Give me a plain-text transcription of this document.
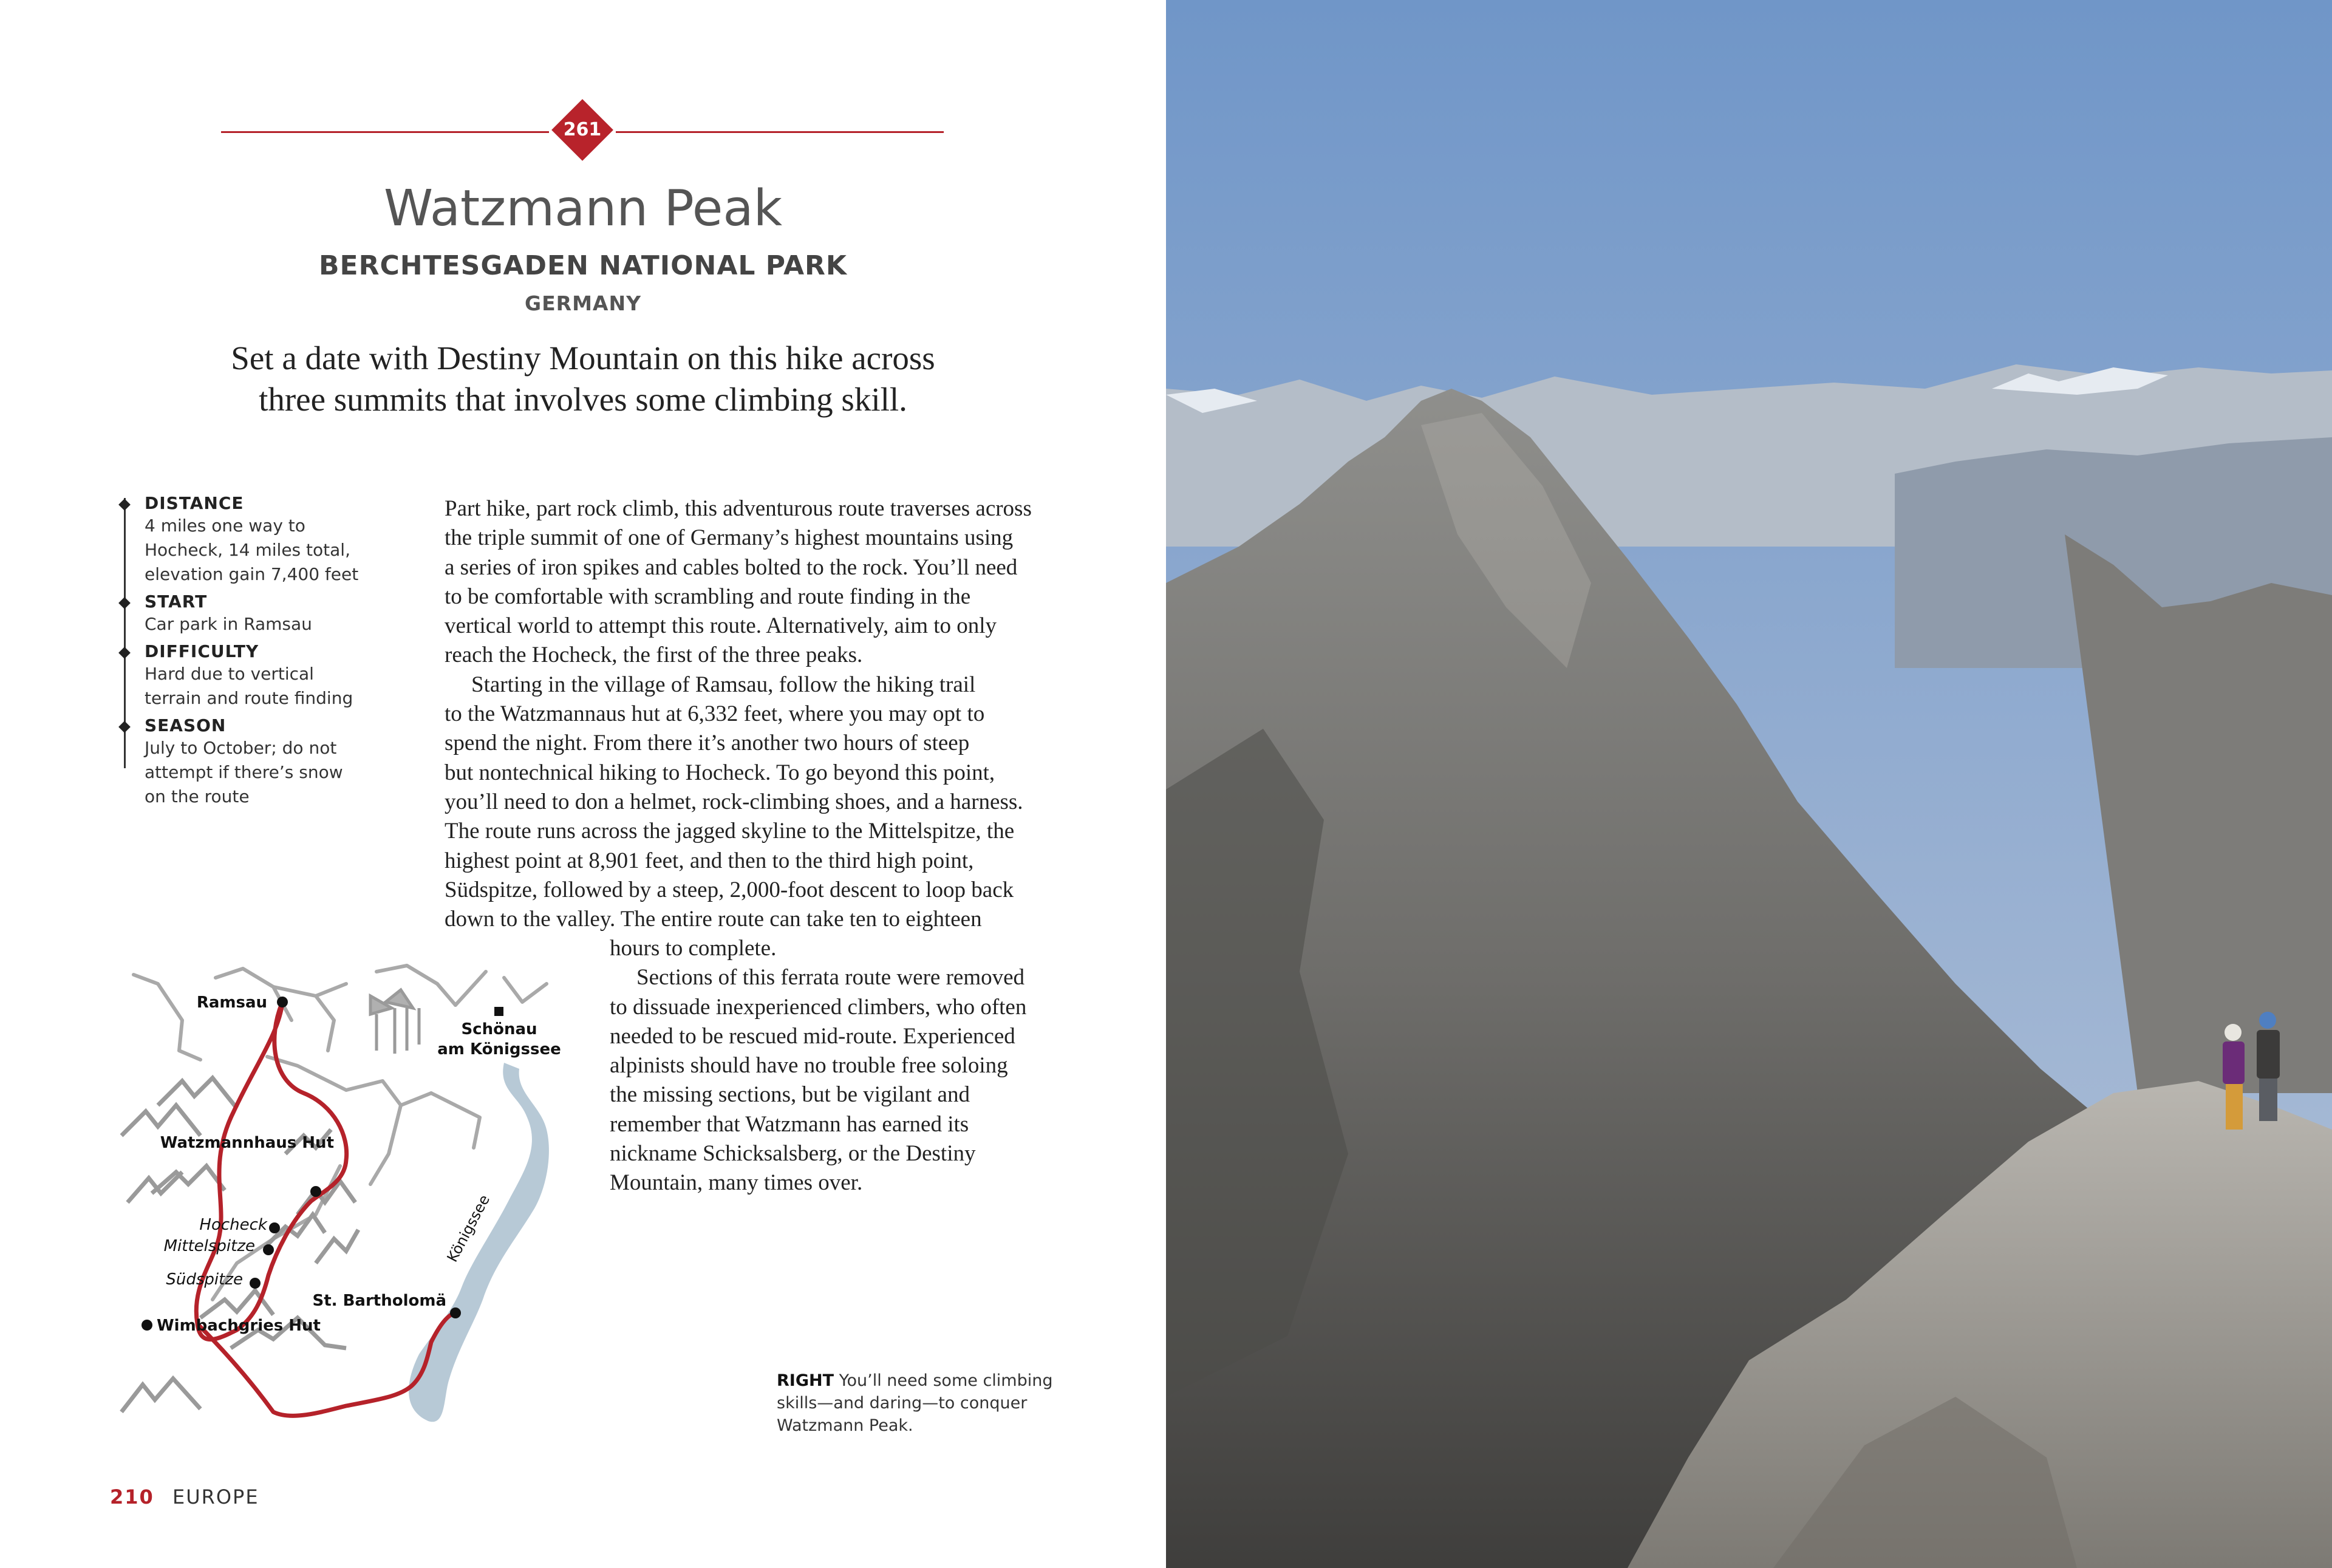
261
Watzmann Peak
BERCHTESGADEN NATIONAL PARK
GERMANY
Set a date with Destiny Mountain on this hike across
three summits that involves some climbing skill.
DISTANCE
4 miles one way to
Hocheck, 14 miles total,
elevation gain 7,400 feet
START
Car park in Ramsau
DIFFICULTY
Hard due to vertical
terrain and route finding
SEASON
July to October; do not
attempt if there’s snow
on the route

Part hike, part rock climb, this adventurous route traverses across

the triple summit of one of Germany’s highest mountains using

a series of iron spikes and cables bolted to the rock. You’ll need

to be comfortable with scrambling and route finding in the

vertical world to attempt this route. Alternatively, aim to only

reach the Hocheck, the first of the three peaks.

Starting in the village of Ramsau, follow the hiking trail

to the Watzmannaus hut at 6,332 feet, where you may opt to

spend the night. From there it’s another two hours of steep

but nontechnical hiking to Hocheck. To go beyond this point,

you’ll need to don a helmet, rock-climbing shoes, and a harness.

The route runs across the jagged skyline to the Mittelspitze, the

highest point at 8,901 feet, and then to the third high point,

Südspitze, followed by a steep, 2,000-foot descent to loop back

down to the valley. The entire route can take ten to eighteen

hours to complete.

Sections of this ferrata route were removed

to dissuade inexperienced climbers, who often

needed to be rescued mid-route. Experienced

alpinists should have no trouble free soloing

the missing sections, but be vigilant and

remember that Watzmann has earned its

nickname Schicksalsberg, or the Destiny

Mountain, many times over.

Ramsau
Schönau
am Königssee
Watzmannhaus Hut
Hocheck
Mittelspitze
Südspitze
Wimbachgries Hut
St. Bartholomä
Königssee
RIGHT You’ll need some climbing
skills—and daring—to conquer
Watzmann Peak.
210 EUROPE
